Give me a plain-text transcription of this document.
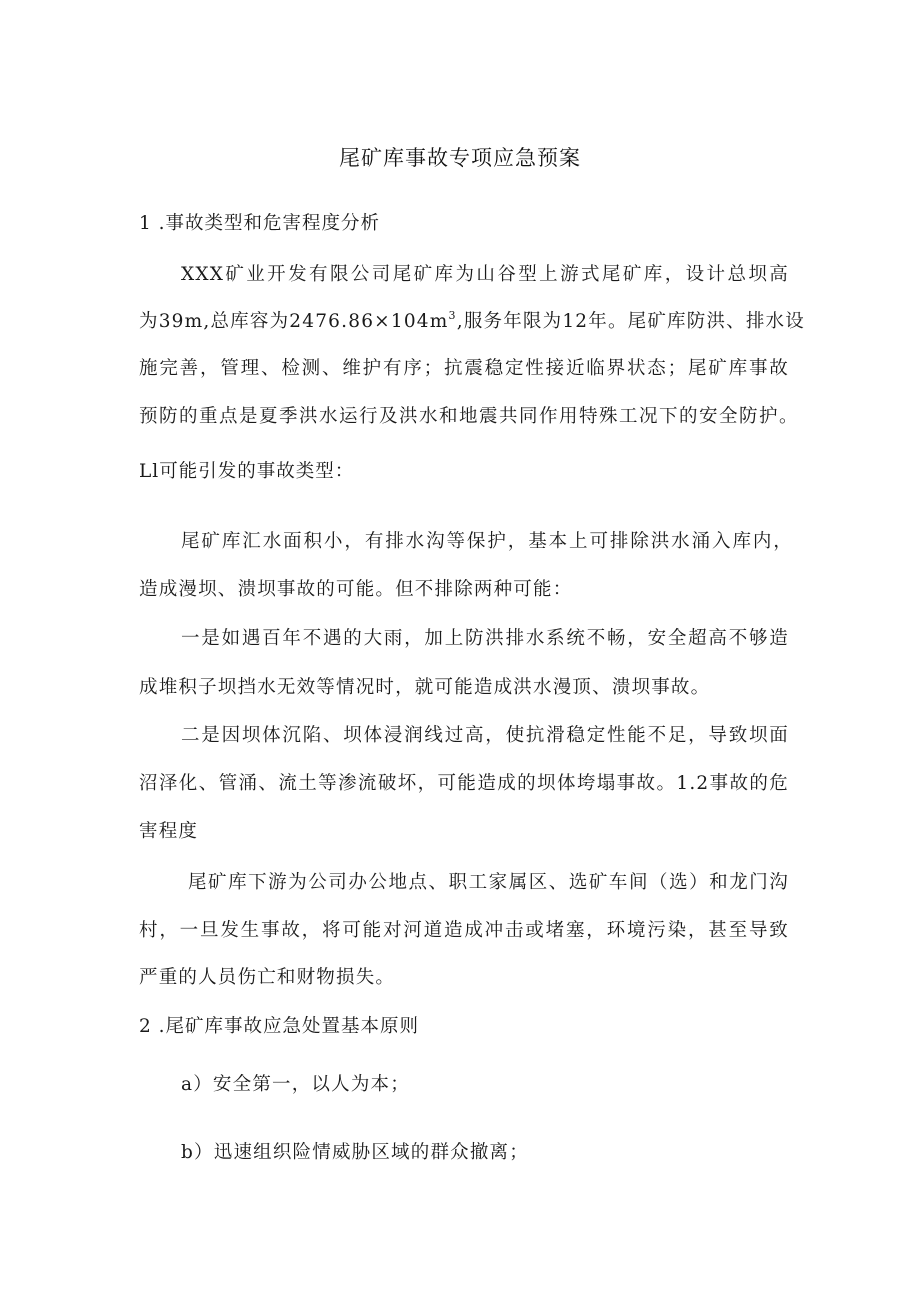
尾矿库事故专项应急预案
1 .事故类型和危害程度分析
XXX矿业开发有限公司尾矿库为山谷型上游式尾矿库，设计总坝高
为39m,总库容为$2476.86\times 104m^3$,服务年限为12年。尾矿库防洪、排水设
施完善，管理、检测、维护有序；抗震稳定性接近临界状态；尾矿库事故
预防的重点是夏季洪水运行及洪水和地震共同作用特殊工况下的安全防护。
Ll可能引发的事故类型：
尾矿库汇水面积小，有排水沟等保护，基本上可排除洪水涌入库内，
造成漫坝、溃坝事故的可能。但不排除两种可能：
一是如遇百年不遇的大雨，加上防洪排水系统不畅，安全超高不够造
成堆积子坝挡水无效等情况时，就可能造成洪水漫顶、溃坝事故。
二是因坝体沉陷、坝体浸润线过高，使抗滑稳定性能不足，导致坝面
沼泽化、管涌、流土等渗流破坏，可能造成的坝体垮塌事故。1.2事故的危
害程度
尾矿库下游为公司办公地点、职工家属区、选矿车间（选）和龙门沟
村，一旦发生事故，将可能对河道造成冲击或堵塞，环境污染，甚至导致
严重的人员伤亡和财物损失。
2 .尾矿库事故应急处置基本原则
a）安全第一，以人为本；
b）迅速组织险情威胁区域的群众撤离；
